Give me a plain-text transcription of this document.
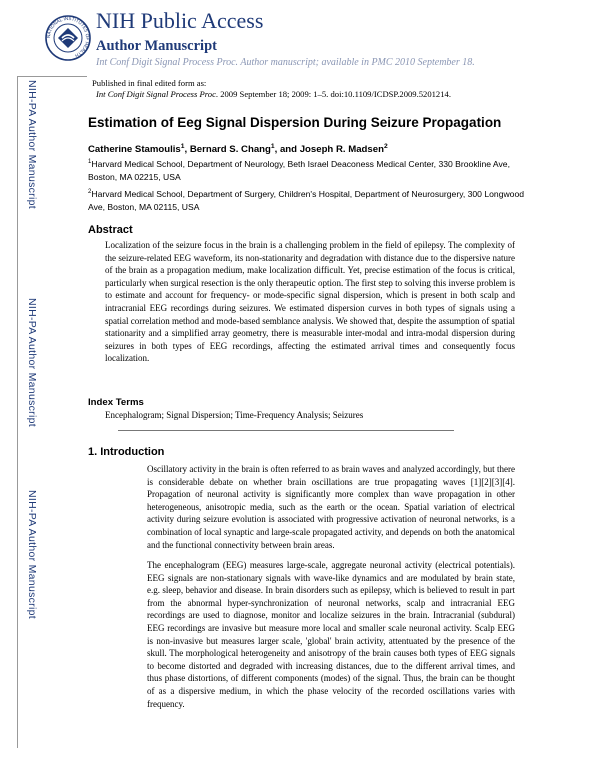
NATIONAL INSTITUTES OF HEALTH
NIH Public Access
Author Manuscript
Int Conf Digit Signal Process Proc. Author manuscript; available in PMC 2010 September 18.
Published in final edited form as:
Int Conf Digit Signal Process Proc. 2009 September 18; 2009: 1–5. doi:10.1109/ICDSP.2009.5201214.
NIH-PA Author Manuscript
NIH-PA Author Manuscript
NIH-PA Author Manuscript
Estimation of Eeg Signal Dispersion During Seizure Propagation
Catherine Stamoulis$^1$, Bernard S. Chang$^1$, and Joseph R. Madsen$^2$
$^1$Harvard Medical School, Department of Neurology, Beth Israel Deaconess Medical Center, 330 Brookline Ave, Boston, MA 02215, USA
$^2$Harvard Medical School, Department of Surgery, Children's Hospital, Department of Neurosurgery, 300 Longwood Ave, Boston, MA 02115, USA
Abstract
Localization of the seizure focus in the brain is a challenging problem in the field of epilepsy. The complexity of the seizure-related EEG waveform, its non-stationarity and degradation with distance due to the dispersive nature of the brain as a propagation medium, make localization difficult. Yet, precise estimation of the focus is critical, particularly when surgical resection is the only therapeutic option. The first step to solving this inverse problem is to estimate and account for frequency- or mode-specific signal dispersion, which is present in both scalp and intracranial EEG recordings during seizures. We estimated dispersion curves in both types of signals using a spatial correlation method and mode-based semblance analysis. We showed that, despite the assumption of spatial stationarity and a simplified array geometry, there is measurable inter-modal and intra-modal dispersion during seizures in both types of EEG recordings, affecting the estimated arrival times and consequently focus localization.
Index Terms
Encephalogram; Signal Dispersion; Time-Frequency Analysis; Seizures
1. Introduction
Oscillatory activity in the brain is often referred to as brain waves and analyzed accordingly, but there is considerable debate on whether brain oscillations are true propagating waves [1][2][3][4]. Propagation of neuronal activity is significantly more complex than wave propagation in other heterogeneous, anisotropic media, such as the earth or the ocean. Spatial variation of electrical activity during seizure evolution is associated with progressive activation of neuronal networks, is a combination of local synaptic and large-scale propagated activity, and depends on both the anatomical and the functional connectivity between brain areas.
The encephalogram (EEG) measures large-scale, aggregate neuronal activity (electrical potentials). EEG signals are non-stationary signals with wave-like dynamics and are modulated by brain state, e.g. sleep, behavior and disease. In brain disorders such as epilepsy, which is believed to result in part from the abnormal hyper-synchronization of neuronal networks, scalp and intracranial EEG recordings are used to diagnose, monitor and localize seizures in the brain. Intracranial (subdural) EEG recordings are invasive but measure more local and smaller scale neuronal activity. Scalp EEG is non-invasive but measures larger scale, 'global' brain activity, attentuated by the presence of the skull. The morphological heterogeneity and anisotropy of the brain causes both types of EEG signals to become distorted and degraded with increasing distances, due to the different arrival times, and thus phase distortions, of different components (modes) of the signal. Thus, the brain can be thought of as a dispersive medium, in which the phase velocity of the recorded oscillations varies with frequency.
